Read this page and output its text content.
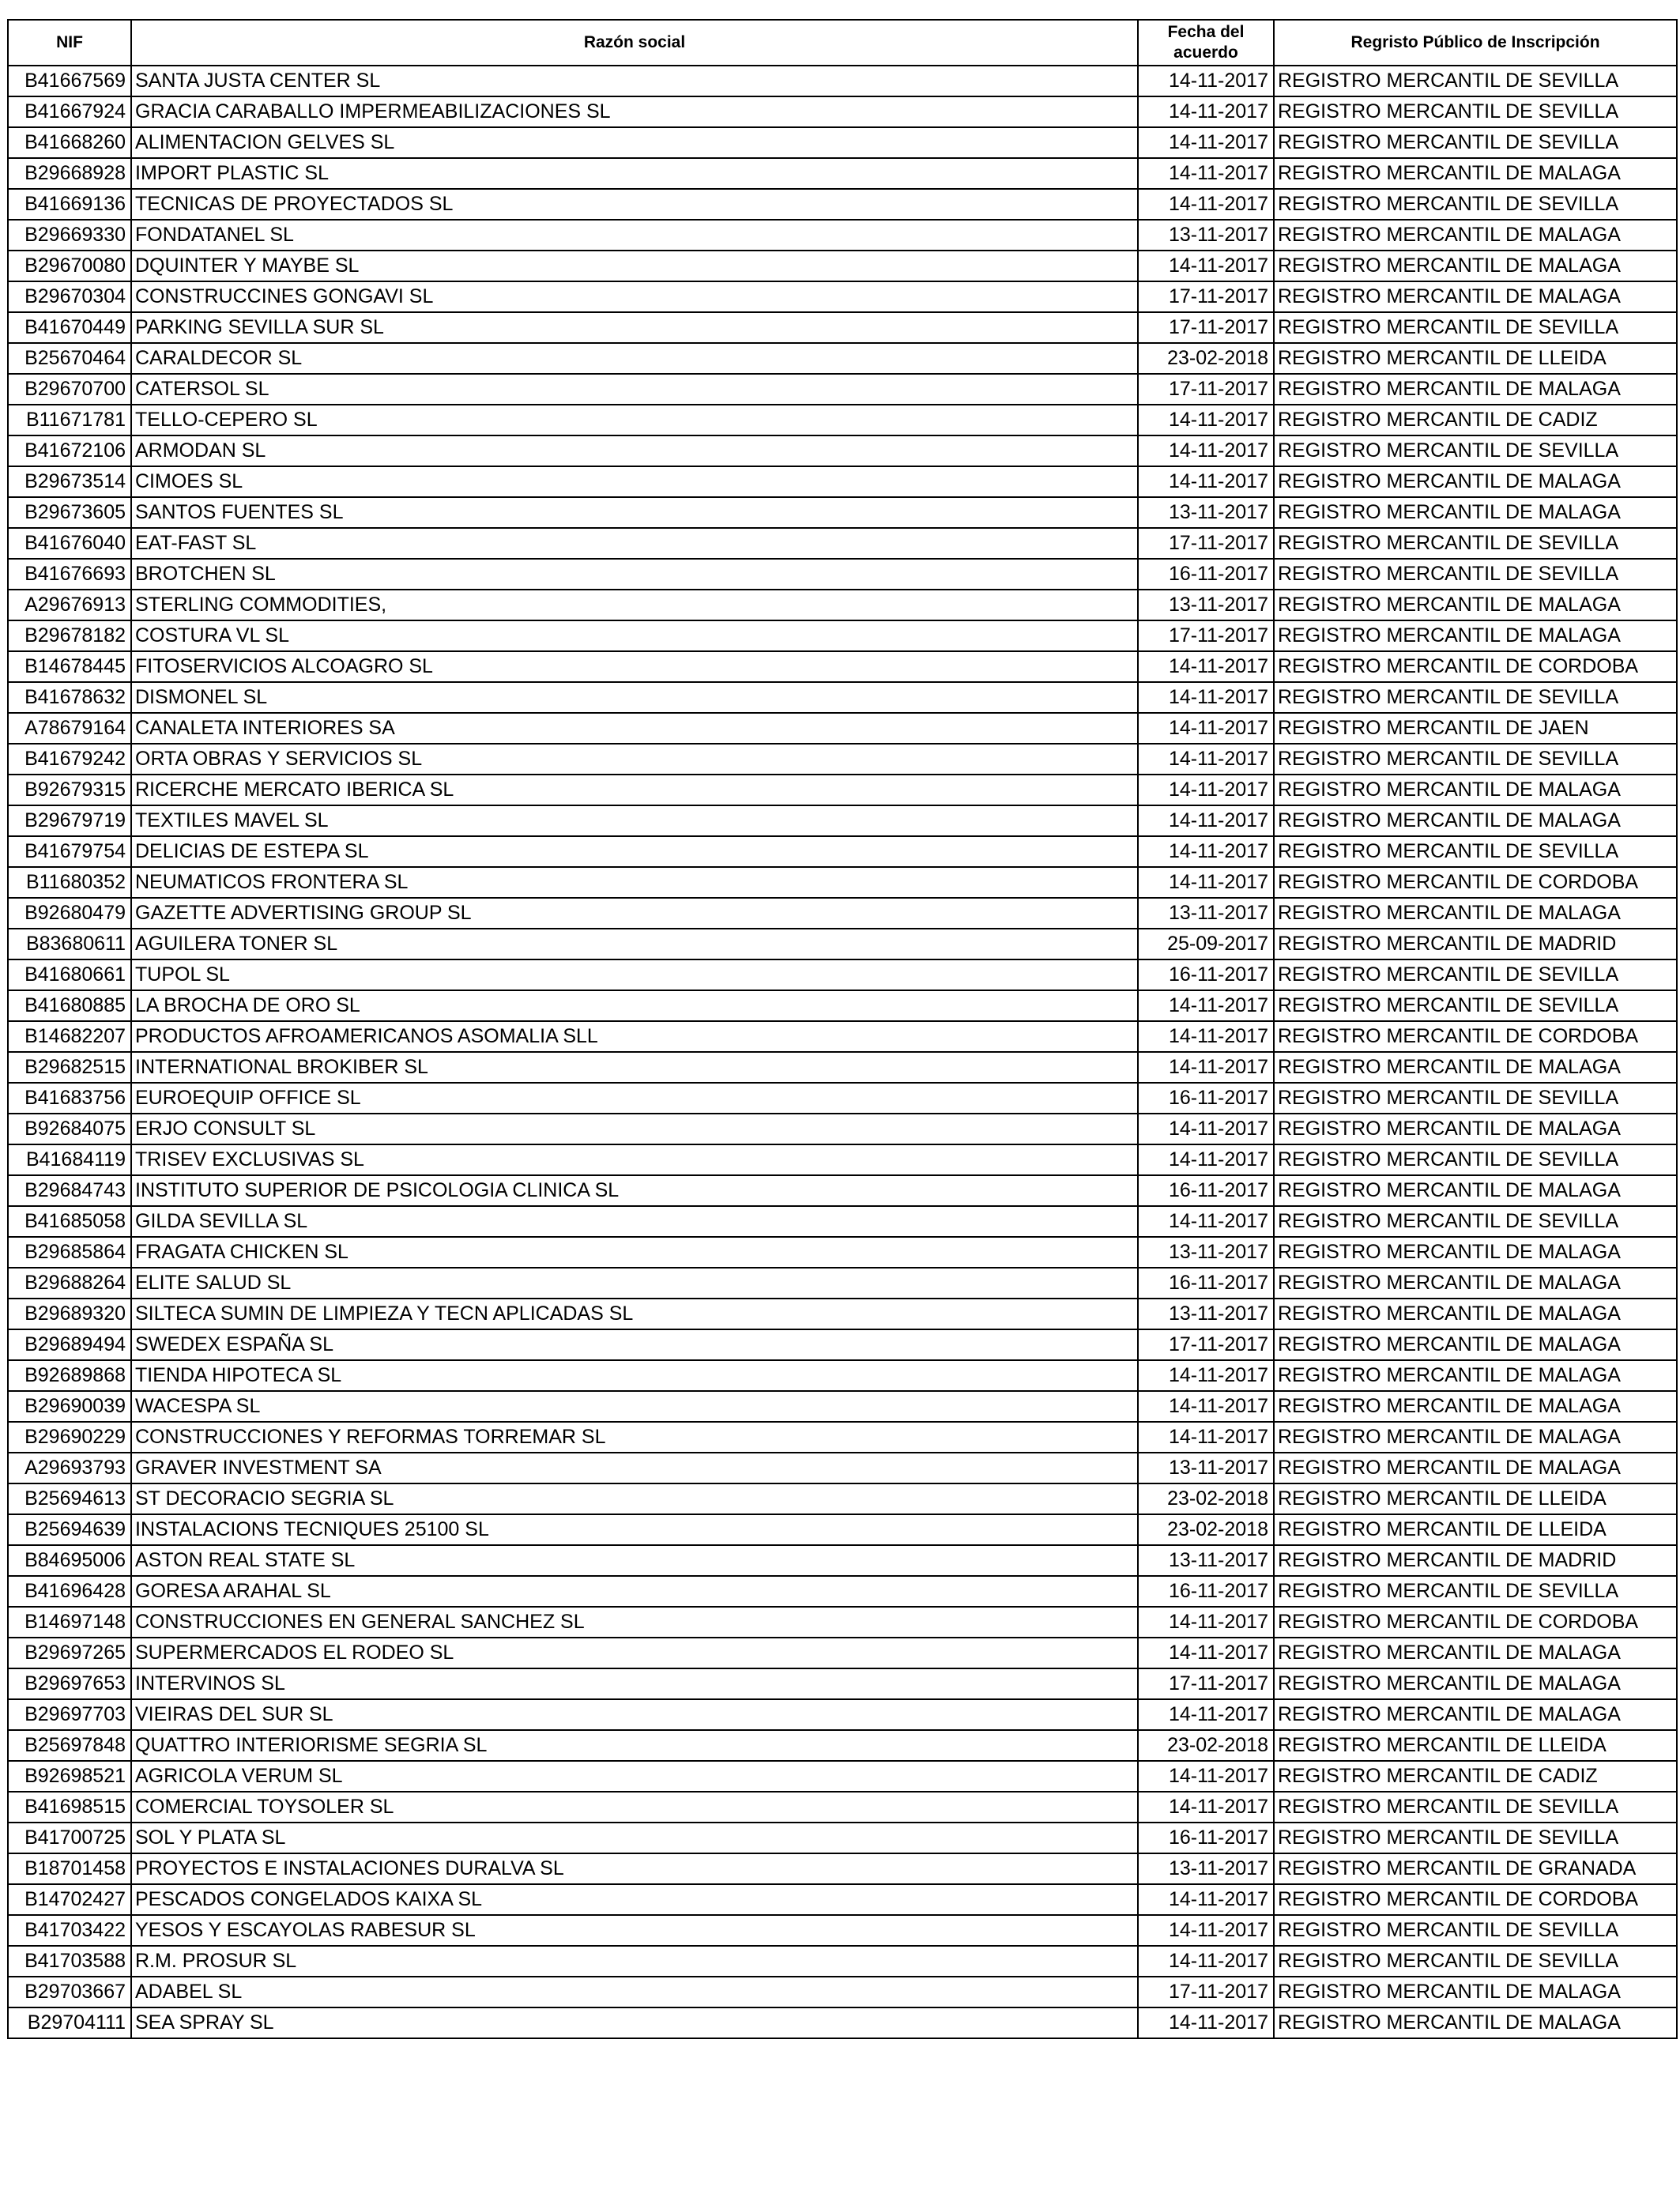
NIF	Razón social	Fecha del acuerdo	Regristo Público de Inscripción
B41667569	SANTA JUSTA CENTER SL	14-11-2017	REGISTRO MERCANTIL DE SEVILLA
B41667924	GRACIA CARABALLO IMPERMEABILIZACIONES SL	14-11-2017	REGISTRO MERCANTIL DE SEVILLA
B41668260	ALIMENTACION GELVES SL	14-11-2017	REGISTRO MERCANTIL DE SEVILLA
B29668928	IMPORT PLASTIC SL	14-11-2017	REGISTRO MERCANTIL DE MALAGA
B41669136	TECNICAS DE PROYECTADOS SL	14-11-2017	REGISTRO MERCANTIL DE SEVILLA
B29669330	FONDATANEL SL	13-11-2017	REGISTRO MERCANTIL DE MALAGA
B29670080	DQUINTER Y MAYBE SL	14-11-2017	REGISTRO MERCANTIL DE MALAGA
B29670304	CONSTRUCCINES GONGAVI SL	17-11-2017	REGISTRO MERCANTIL DE MALAGA
B41670449	PARKING SEVILLA SUR SL	17-11-2017	REGISTRO MERCANTIL DE SEVILLA
B25670464	CARALDECOR SL	23-02-2018	REGISTRO MERCANTIL DE LLEIDA
B29670700	CATERSOL SL	17-11-2017	REGISTRO MERCANTIL DE MALAGA
B11671781	TELLO-CEPERO SL	14-11-2017	REGISTRO MERCANTIL DE CADIZ
B41672106	ARMODAN SL	14-11-2017	REGISTRO MERCANTIL DE SEVILLA
B29673514	CIMOES SL	14-11-2017	REGISTRO MERCANTIL DE MALAGA
B29673605	SANTOS FUENTES SL	13-11-2017	REGISTRO MERCANTIL DE MALAGA
B41676040	EAT-FAST SL	17-11-2017	REGISTRO MERCANTIL DE SEVILLA
B41676693	BROTCHEN SL	16-11-2017	REGISTRO MERCANTIL DE SEVILLA
A29676913	STERLING COMMODITIES,	13-11-2017	REGISTRO MERCANTIL DE MALAGA
B29678182	COSTURA VL SL	17-11-2017	REGISTRO MERCANTIL DE MALAGA
B14678445	FITOSERVICIOS ALCOAGRO SL	14-11-2017	REGISTRO MERCANTIL DE CORDOBA
B41678632	DISMONEL SL	14-11-2017	REGISTRO MERCANTIL DE SEVILLA
A78679164	CANALETA INTERIORES SA	14-11-2017	REGISTRO MERCANTIL DE JAEN
B41679242	ORTA OBRAS Y SERVICIOS SL	14-11-2017	REGISTRO MERCANTIL DE SEVILLA
B92679315	RICERCHE MERCATO IBERICA SL	14-11-2017	REGISTRO MERCANTIL DE MALAGA
B29679719	TEXTILES MAVEL SL	14-11-2017	REGISTRO MERCANTIL DE MALAGA
B41679754	DELICIAS DE ESTEPA SL	14-11-2017	REGISTRO MERCANTIL DE SEVILLA
B11680352	NEUMATICOS FRONTERA SL	14-11-2017	REGISTRO MERCANTIL DE CORDOBA
B92680479	GAZETTE ADVERTISING GROUP SL	13-11-2017	REGISTRO MERCANTIL DE MALAGA
B83680611	AGUILERA TONER SL	25-09-2017	REGISTRO MERCANTIL DE MADRID
B41680661	TUPOL SL	16-11-2017	REGISTRO MERCANTIL DE SEVILLA
B41680885	LA BROCHA DE ORO SL	14-11-2017	REGISTRO MERCANTIL DE SEVILLA
B14682207	PRODUCTOS AFROAMERICANOS ASOMALIA SLL	14-11-2017	REGISTRO MERCANTIL DE CORDOBA
B29682515	INTERNATIONAL BROKIBER SL	14-11-2017	REGISTRO MERCANTIL DE MALAGA
B41683756	EUROEQUIP OFFICE SL	16-11-2017	REGISTRO MERCANTIL DE SEVILLA
B92684075	ERJO CONSULT SL	14-11-2017	REGISTRO MERCANTIL DE MALAGA
B41684119	TRISEV EXCLUSIVAS SL	14-11-2017	REGISTRO MERCANTIL DE SEVILLA
B29684743	INSTITUTO SUPERIOR DE PSICOLOGIA CLINICA SL	16-11-2017	REGISTRO MERCANTIL DE MALAGA
B41685058	GILDA SEVILLA SL	14-11-2017	REGISTRO MERCANTIL DE SEVILLA
B29685864	FRAGATA CHICKEN SL	13-11-2017	REGISTRO MERCANTIL DE MALAGA
B29688264	ELITE SALUD SL	16-11-2017	REGISTRO MERCANTIL DE MALAGA
B29689320	SILTECA SUMIN DE LIMPIEZA Y TECN APLICADAS SL	13-11-2017	REGISTRO MERCANTIL DE MALAGA
B29689494	SWEDEX ESPAÑA SL	17-11-2017	REGISTRO MERCANTIL DE MALAGA
B92689868	TIENDA HIPOTECA SL	14-11-2017	REGISTRO MERCANTIL DE MALAGA
B29690039	WACESPA SL	14-11-2017	REGISTRO MERCANTIL DE MALAGA
B29690229	CONSTRUCCIONES Y REFORMAS TORREMAR SL	14-11-2017	REGISTRO MERCANTIL DE MALAGA
A29693793	GRAVER INVESTMENT SA	13-11-2017	REGISTRO MERCANTIL DE MALAGA
B25694613	ST DECORACIO SEGRIA SL	23-02-2018	REGISTRO MERCANTIL DE LLEIDA
B25694639	INSTALACIONS TECNIQUES 25100 SL	23-02-2018	REGISTRO MERCANTIL DE LLEIDA
B84695006	ASTON REAL STATE SL	13-11-2017	REGISTRO MERCANTIL DE MADRID
B41696428	GORESA ARAHAL SL	16-11-2017	REGISTRO MERCANTIL DE SEVILLA
B14697148	CONSTRUCCIONES EN GENERAL SANCHEZ SL	14-11-2017	REGISTRO MERCANTIL DE CORDOBA
B29697265	SUPERMERCADOS EL RODEO SL	14-11-2017	REGISTRO MERCANTIL DE MALAGA
B29697653	INTERVINOS SL	17-11-2017	REGISTRO MERCANTIL DE MALAGA
B29697703	VIEIRAS DEL SUR SL	14-11-2017	REGISTRO MERCANTIL DE MALAGA
B25697848	QUATTRO INTERIORISME SEGRIA SL	23-02-2018	REGISTRO MERCANTIL DE LLEIDA
B92698521	AGRICOLA VERUM SL	14-11-2017	REGISTRO MERCANTIL DE CADIZ
B41698515	COMERCIAL TOYSOLER SL	14-11-2017	REGISTRO MERCANTIL DE SEVILLA
B41700725	SOL Y PLATA SL	16-11-2017	REGISTRO MERCANTIL DE SEVILLA
B18701458	PROYECTOS E INSTALACIONES DURALVA SL	13-11-2017	REGISTRO MERCANTIL DE GRANADA
B14702427	PESCADOS CONGELADOS KAIXA SL	14-11-2017	REGISTRO MERCANTIL DE CORDOBA
B41703422	YESOS Y ESCAYOLAS RABESUR SL	14-11-2017	REGISTRO MERCANTIL DE SEVILLA
B41703588	R.M. PROSUR SL	14-11-2017	REGISTRO MERCANTIL DE SEVILLA
B29703667	ADABEL SL	17-11-2017	REGISTRO MERCANTIL DE MALAGA
B29704111	SEA SPRAY SL	14-11-2017	REGISTRO MERCANTIL DE MALAGA
